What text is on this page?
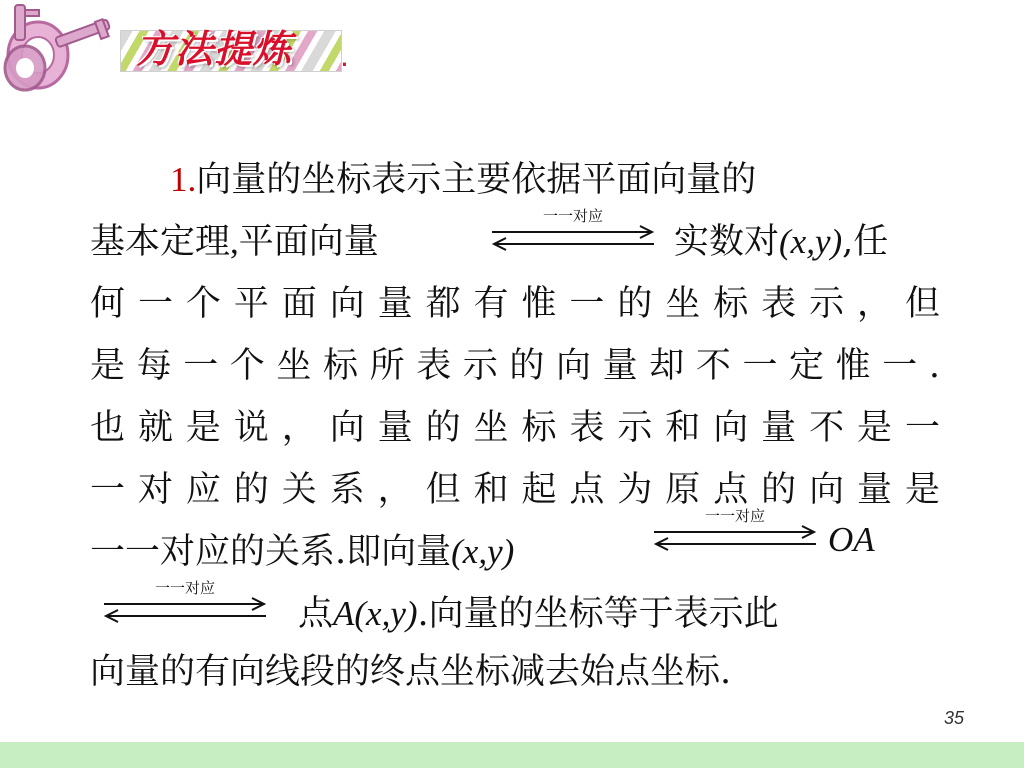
方法提炼 .
1.向量的坐标表示主要依据平面向量的
基本定理,平面向量
一一对应
实数对(x,y),任
何一个平面向量都有惟一的坐标表示，但
是每一个坐标所表示的向量却不一定惟一.
也就是说，向量的坐标表示和向量不是一
一对应的关系，但和起点为原点的向量是
一一对应的关系.即向量(x,y)
一一对应
OA
一一对应
点A(x,y).向量的坐标等于表示此
向量的有向线段的终点坐标减去始点坐标.
35
